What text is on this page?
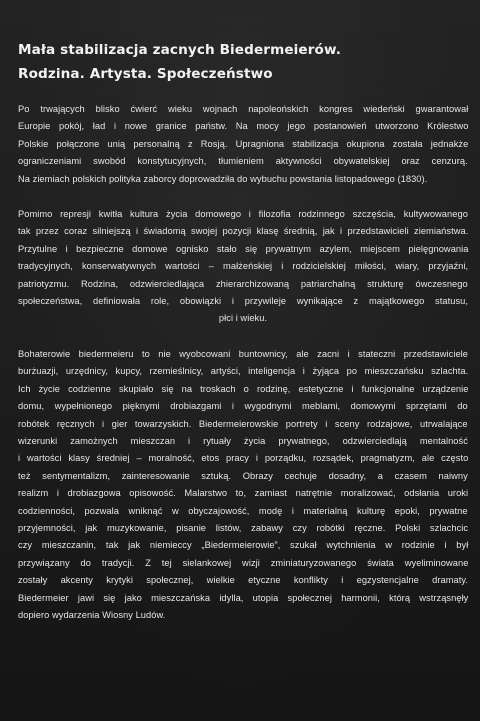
Mała stabilizacja zacnych Biedermeierów.
Rodzina. Artysta. Społeczeństwo

Po trwających blisko ćwierć wieku wojnach napoleońskich kongres wiedeński gwarantował
Europie pokój, ład i nowe granice państw. Na mocy jego postanowień utworzono Królestwo
Polskie połączone unią personalną z Rosją. Upragniona stabilizacja okupiona została jednakże
ograniczeniami swobód konstytucyjnych, tłumieniem aktywności obywatelskiej oraz cenzurą.
Na ziemiach polskich polityka zaborcy doprowadziła do wybuchu powstania listopadowego (1830).

Pomimo represji kwitła kultura życia domowego i filozofia rodzinnego szczęścia, kultywowanego
tak przez coraz silniejszą i świadomą swojej pozycji klasę średnią, jak i przedstawicieli ziemiaństwa.
Przytulne i bezpieczne domowe ognisko stało się prywatnym azylem, miejscem pielęgnowania
tradycyjnych, konserwatywnych wartości – małżeńskiej i rodzicielskiej miłości, wiary, przyjaźni,
patriotyzmu. Rodzina, odzwierciedlająca zhierarchizowaną patriarchalną strukturę ówczesnego
społeczeństwa, definiowała role, obowiązki i przywileje wynikające z majątkowego statusu,
płci i wieku.

Bohaterowie biedermeieru to nie wyobcowani buntownicy, ale zacni i stateczni przedstawiciele
burżuazji, urzędnicy, kupcy, rzemieślnicy, artyści, inteligencja i żyjąca po mieszczańsku szlachta.
Ich życie codzienne skupiało się na troskach o rodzinę, estetyczne i funkcjonalne urządzenie
domu, wypełnionego pięknymi drobiazgami i wygodnymi meblami, domowymi sprzętami do
robótek ręcznych i gier towarzyskich. Biedermeierowskie portrety i sceny rodzajowe, utrwalające
wizerunki zamożnych mieszczan i rytuały życia prywatnego, odzwierciedlają mentalność
i wartości klasy średniej – moralność, etos pracy i porządku, rozsądek, pragmatyzm, ale często
też sentymentalizm, zainteresowanie sztuką. Obrazy cechuje dosadny, a czasem naiwny
realizm i drobiazgowa opisowość. Malarstwo to, zamiast natrętnie moralizować, odsłania uroki
codzienności, pozwala wniknąć w obyczajowość, modę i materialną kulturę epoki, prywatne
przyjemności, jak muzykowanie, pisanie listów, zabawy czy robótki ręczne. Polski szlachcic
czy mieszczanin, tak jak niemieccy „Biedermeierowie”, szukał wytchnienia w rodzinie i był
przywiązany do tradycji. Z tej sielankowej wizji zminiaturyzowanego świata wyeliminowane
zostały akcenty krytyki społecznej, wielkie etyczne konflikty i egzystencjalne dramaty.
Biedermeier jawi się jako mieszczańska idylla, utopia społecznej harmonii, którą wstrząsnęły
dopiero wydarzenia Wiosny Ludów.
